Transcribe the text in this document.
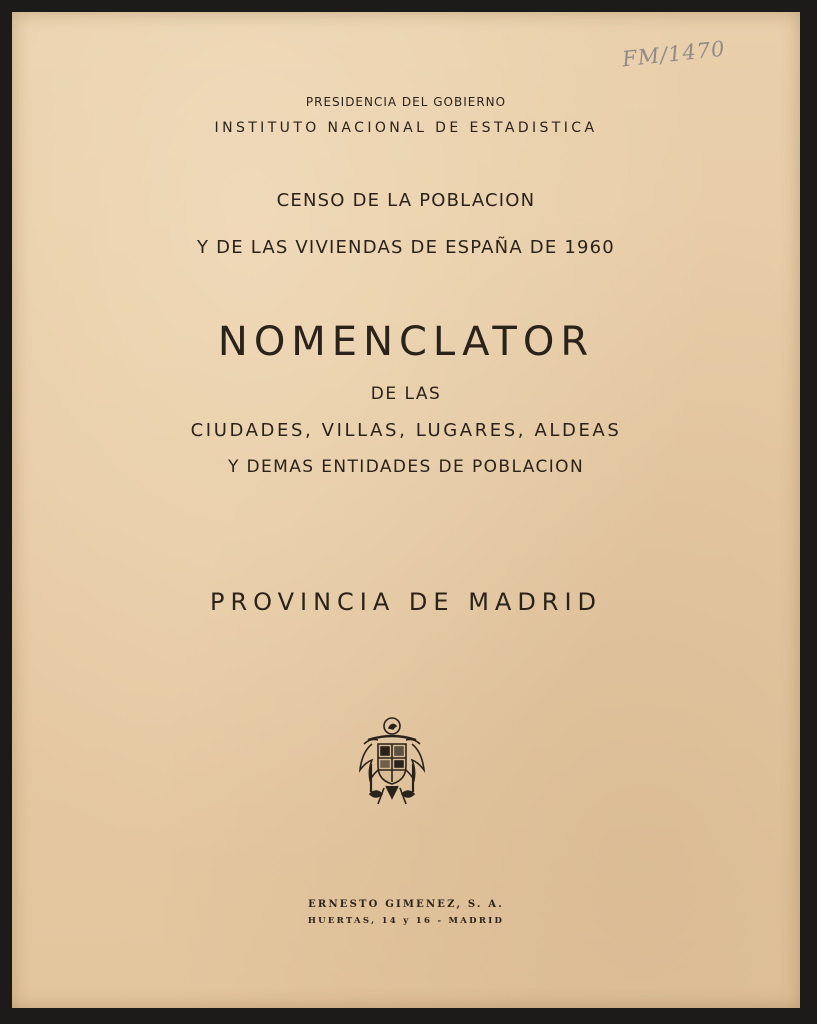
FM/1470

PRESIDENCIA DEL GOBIERNO

INSTITUTO NACIONAL DE ESTADISTICA

CENSO DE LA POBLACION

Y DE LAS VIVIENDAS DE ESPAÑA DE 1960

NOMENCLATOR

DE LAS

CIUDADES, VILLAS, LUGARES, ALDEAS

Y DEMAS ENTIDADES DE POBLACION

PROVINCIA DE MADRID

ERNESTO GIMENEZ, S. A.

HUERTAS, 14 y 16 - MADRID
